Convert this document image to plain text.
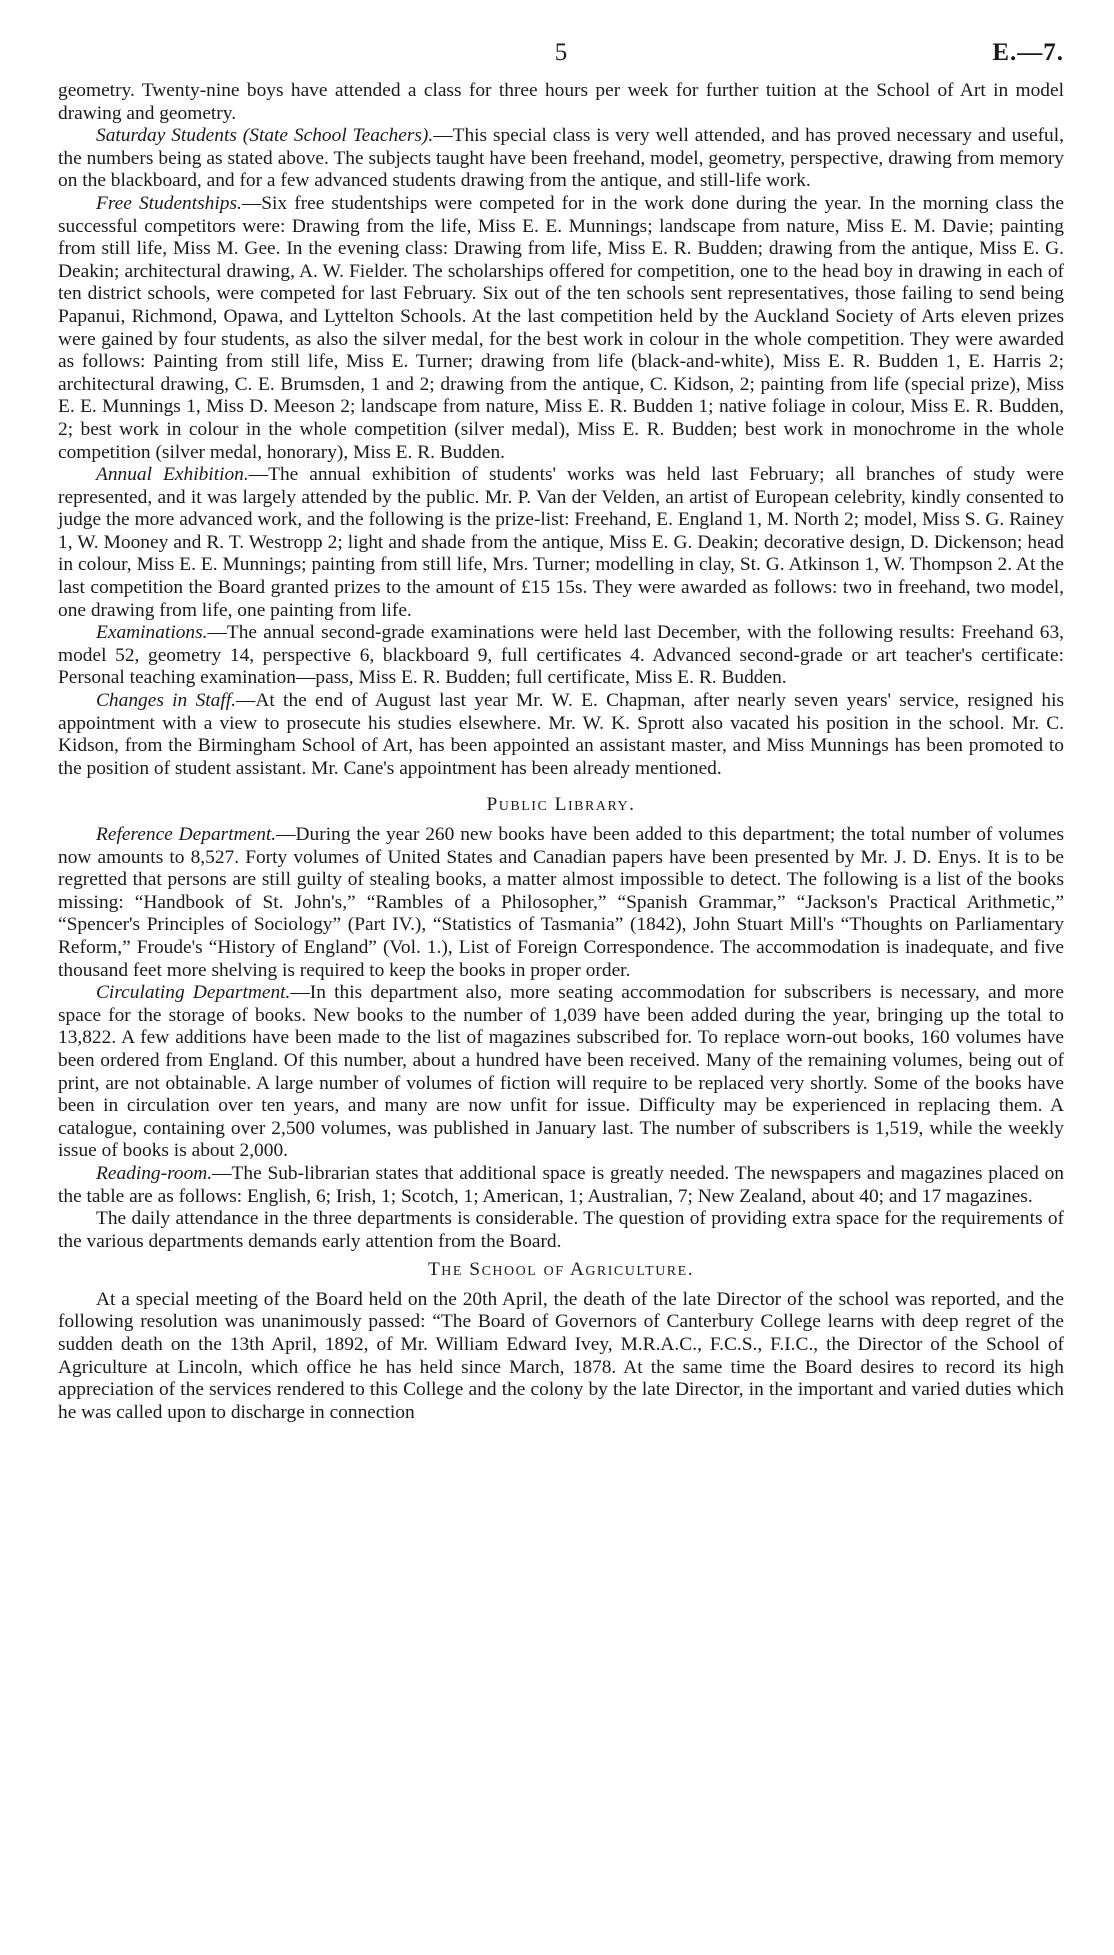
5	E.—7.

geometry. Twenty-nine boys have attended a class for three hours per week for further tuition at the School of Art in model drawing and geometry.

Saturday Students (State School Teachers).—This special class is very well attended, and has proved necessary and useful, the numbers being as stated above. The subjects taught have been freehand, model, geometry, perspective, drawing from memory on the blackboard, and for a few advanced students drawing from the antique, and still-life work.

Free Studentships.—Six free studentships were competed for in the work done during the year. In the morning class the successful competitors were: Drawing from the life, Miss E. E. Munnings; landscape from nature, Miss E. M. Davie; painting from still life, Miss M. Gee. In the evening class: Drawing from life, Miss E. R. Budden; drawing from the antique, Miss E. G. Deakin; architectural drawing, A. W. Fielder. The scholarships offered for competition, one to the head boy in drawing in each of ten district schools, were competed for last February. Six out of the ten schools sent representatives, those failing to send being Papanui, Richmond, Opawa, and Lyttelton Schools. At the last competition held by the Auckland Society of Arts eleven prizes were gained by four students, as also the silver medal, for the best work in colour in the whole competition. They were awarded as follows: Painting from still life, Miss E. Turner; drawing from life (black-and-white), Miss E. R. Budden 1, E. Harris 2; architectural drawing, C. E. Brumsden, 1 and 2; drawing from the antique, C. Kidson, 2; painting from life (special prize), Miss E. E. Munnings 1, Miss D. Meeson 2; landscape from nature, Miss E. R. Budden 1; native foliage in colour, Miss E. R. Budden, 2; best work in colour in the whole competition (silver medal), Miss E. R. Budden; best work in monochrome in the whole competition (silver medal, honorary), Miss E. R. Budden.

Annual Exhibition.—The annual exhibition of students' works was held last February; all branches of study were represented, and it was largely attended by the public. Mr. P. Van der Velden, an artist of European celebrity, kindly consented to judge the more advanced work, and the following is the prize-list: Freehand, E. England 1, M. North 2; model, Miss S. G. Rainey 1, W. Mooney and R. T. Westropp 2; light and shade from the antique, Miss E. G. Deakin; decorative design, D. Dickenson; head in colour, Miss E. E. Munnings; painting from still life, Mrs. Turner; modelling in clay, St. G. Atkinson 1, W. Thompson 2. At the last competition the Board granted prizes to the amount of £15 15s. They were awarded as follows: two in freehand, two model, one drawing from life, one painting from life.

Examinations.—The annual second-grade examinations were held last December, with the following results: Freehand 63, model 52, geometry 14, perspective 6, blackboard 9, full certificates 4. Advanced second-grade or art teacher's certificate: Personal teaching examination—pass, Miss E. R. Budden; full certificate, Miss E. R. Budden.

Changes in Staff.—At the end of August last year Mr. W. E. Chapman, after nearly seven years' service, resigned his appointment with a view to prosecute his studies elsewhere. Mr. W. K. Sprott also vacated his position in the school. Mr. C. Kidson, from the Birmingham School of Art, has been appointed an assistant master, and Miss Munnings has been promoted to the position of student assistant. Mr. Cane's appointment has been already mentioned.

Public Library.

Reference Department.—During the year 260 new books have been added to this department; the total number of volumes now amounts to 8,527. Forty volumes of United States and Canadian papers have been presented by Mr. J. D. Enys. It is to be regretted that persons are still guilty of stealing books, a matter almost impossible to detect. The following is a list of the books missing: “Handbook of St. John's,” “Rambles of a Philosopher,” “Spanish Grammar,” “Jackson's Practical Arithmetic,” “Spencer's Principles of Sociology” (Part IV.), “Statistics of Tasmania” (1842), John Stuart Mill's “Thoughts on Parliamentary Reform,” Froude's “History of England” (Vol. 1.), List of Foreign Correspondence. The accommodation is inadequate, and five thousand feet more shelving is required to keep the books in proper order.

Circulating Department.—In this department also, more seating accommodation for subscribers is necessary, and more space for the storage of books. New books to the number of 1,039 have been added during the year, bringing up the total to 13,822. A few additions have been made to the list of magazines subscribed for. To replace worn-out books, 160 volumes have been ordered from England. Of this number, about a hundred have been received. Many of the remaining volumes, being out of print, are not obtainable. A large number of volumes of fiction will require to be replaced very shortly. Some of the books have been in circulation over ten years, and many are now unfit for issue. Difficulty may be experienced in replacing them. A catalogue, containing over 2,500 volumes, was published in January last. The number of subscribers is 1,519, while the weekly issue of books is about 2,000.

Reading-room.—The Sub-librarian states that additional space is greatly needed. The newspapers and magazines placed on the table are as follows: English, 6; Irish, 1; Scotch, 1; American, 1; Australian, 7; New Zealand, about 40; and 17 magazines.

The daily attendance in the three departments is considerable. The question of providing extra space for the requirements of the various departments demands early attention from the Board.

The School of Agriculture.

At a special meeting of the Board held on the 20th April, the death of the late Director of the school was reported, and the following resolution was unanimously passed: “The Board of Governors of Canterbury College learns with deep regret of the sudden death on the 13th April, 1892, of Mr. William Edward Ivey, M.R.A.C., F.C.S., F.I.C., the Director of the School of Agriculture at Lincoln, which office he has held since March, 1878. At the same time the Board desires to record its high appreciation of the services rendered to this College and the colony by the late Director, in the important and varied duties which he was called upon to discharge in connection
